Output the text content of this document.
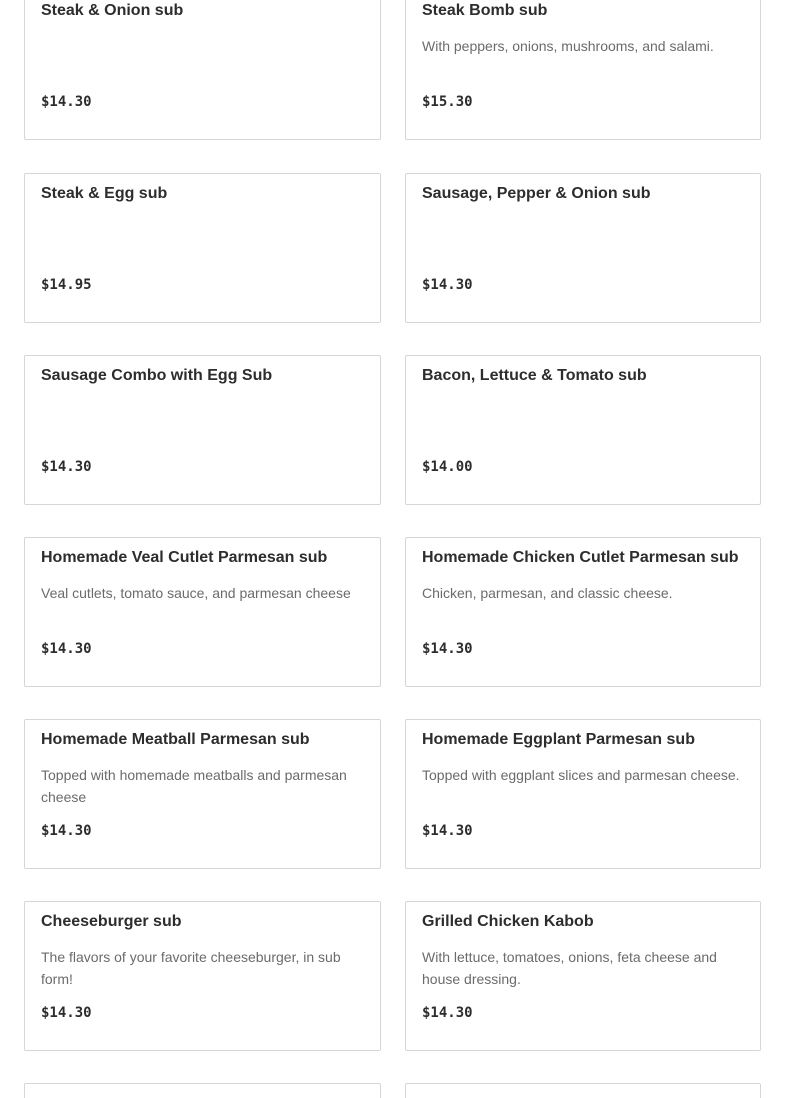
Steak & Onion sub
$14.30
Steak Bomb sub
With peppers, onions, mushrooms, and salami.
$15.30
Steak & Egg sub
$14.95
Sausage, Pepper & Onion sub
$14.30
Sausage Combo with Egg Sub
$14.30
Bacon, Lettuce & Tomato sub
$14.00
Homemade Veal Cutlet Parmesan sub
Veal cutlets, tomato sauce, and parmesan cheese
$14.30
Homemade Chicken Cutlet Parmesan sub
Chicken, parmesan, and classic cheese.
$14.30
Homemade Meatball Parmesan sub
Topped with homemade meatballs and parmesan cheese
$14.30
Homemade Eggplant Parmesan sub
Topped with eggplant slices and parmesan cheese.
$14.30
Cheeseburger sub
The flavors of your favorite cheeseburger, in sub form!
$14.30
Grilled Chicken Kabob
With lettuce, tomatoes, onions, feta cheese and house dressing.
$14.30
